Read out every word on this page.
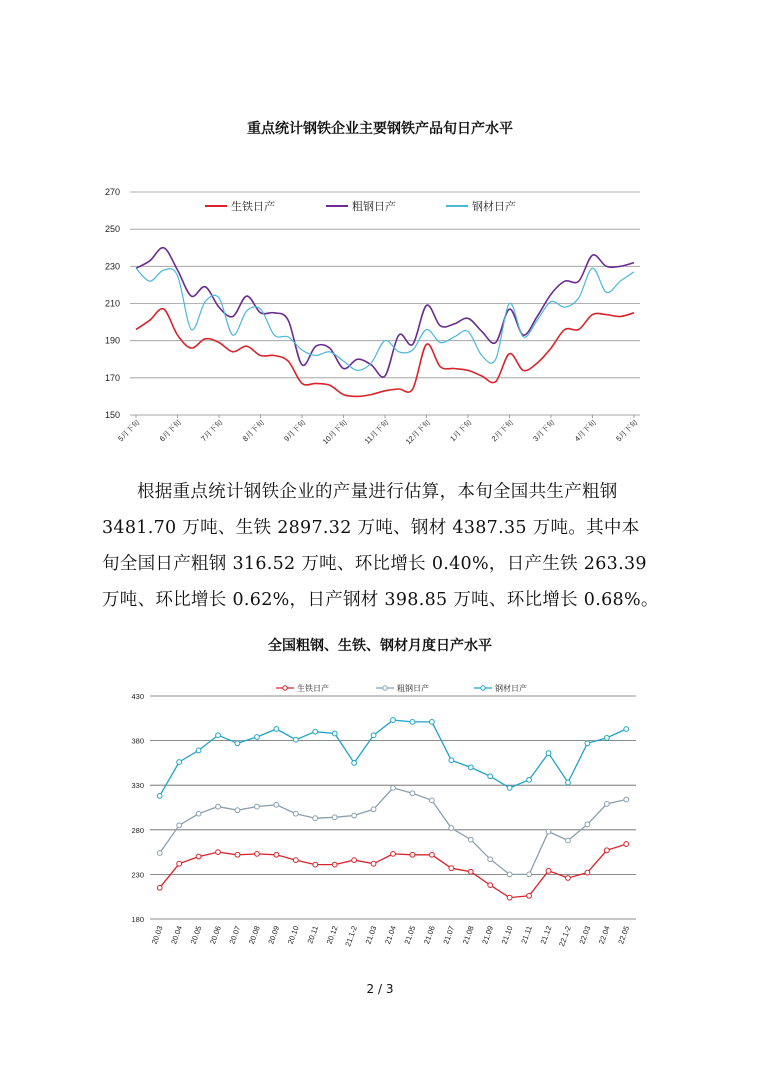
重点统计钢铁企业主要钢铁产品旬日产水平
150
170
190
210
230
250
270
5月下旬 6月下旬 7月下旬 8月下旬 9月下旬 10月下旬 11月下旬 12月下旬 1月下旬 2月下旬 3月下旬 4月下旬 5月下旬
生铁日产	粗钢日产	钢材日产

根据重点统计钢铁企业的产量进行估算，本旬全国共生产粗钢

3481.70 万吨、生铁 2897.32 万吨、钢材 4387.35 万吨。其中本

旬全国日产粗钢 316.52 万吨、环比增长 0.40%，日产生铁 263.39

万吨、环比增长 0.62%，日产钢材 398.85 万吨、环比增长 0.68%。

全国粗钢、生铁、钢材月度日产水平
180
230
280
330
380
430
20.03 20.04 20.05 20.06 20.07 20.08 20.09 20.10 20.11 20.12 21.1-2 21.03 21.04 21.05 21.06 21.07 21.08 21.09 21.10 21.11 21.12 22.1-2 22.03 22.04 22.05
生铁日产	粗钢日产	钢材日产
2 / 3
